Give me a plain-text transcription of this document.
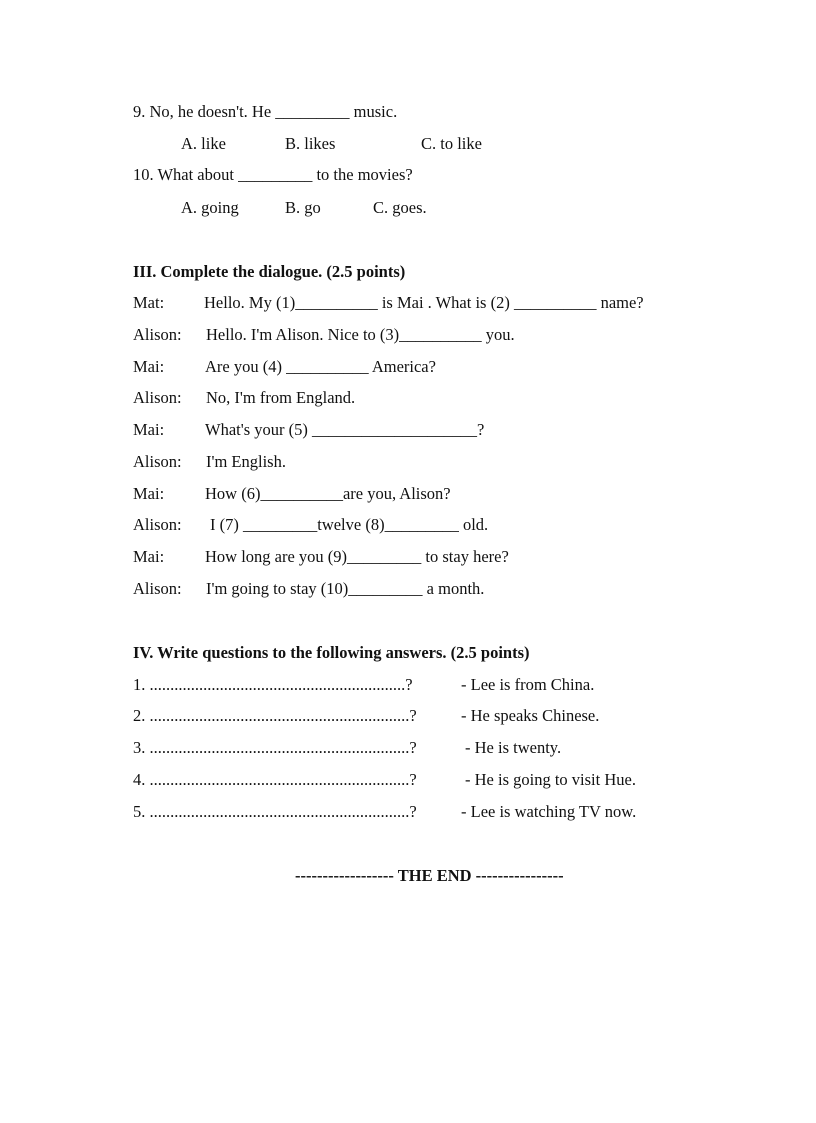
9. No, he doesn't. He _________ music.
A. like	B. likes	C. to like
10. What about _________ to the movies?
A. going	B. go	C. goes.
III. Complete the dialogue. (2.5 points)
Mat: Hello. My (1)__________ is Mai . What is (2) __________ name?
Alison: Hello. I'm Alison. Nice to (3)__________ you.
Mai: Are you (4) __________ America?
Alison: No, I'm from England.
Mai: What's your (5) ____________________?
Alison: I'm English.
Mai: How (6)__________are you, Alison?
Alison: I (7) _________twelve (8)_________ old.
Mai: How long are you (9)_________ to stay here?
Alison: I'm going to stay (10)_________ a month.
IV. Write questions to the following answers. (2.5 points)
1. ..............................................................?	- Lee is from China.
2. ...............................................................?	- He speaks Chinese.
3. ...............................................................?	- He is twenty.
4. ...............................................................?	- He is going to visit Hue.
5. ...............................................................?	- Lee is watching TV now.
------------------ THE END ----------------
